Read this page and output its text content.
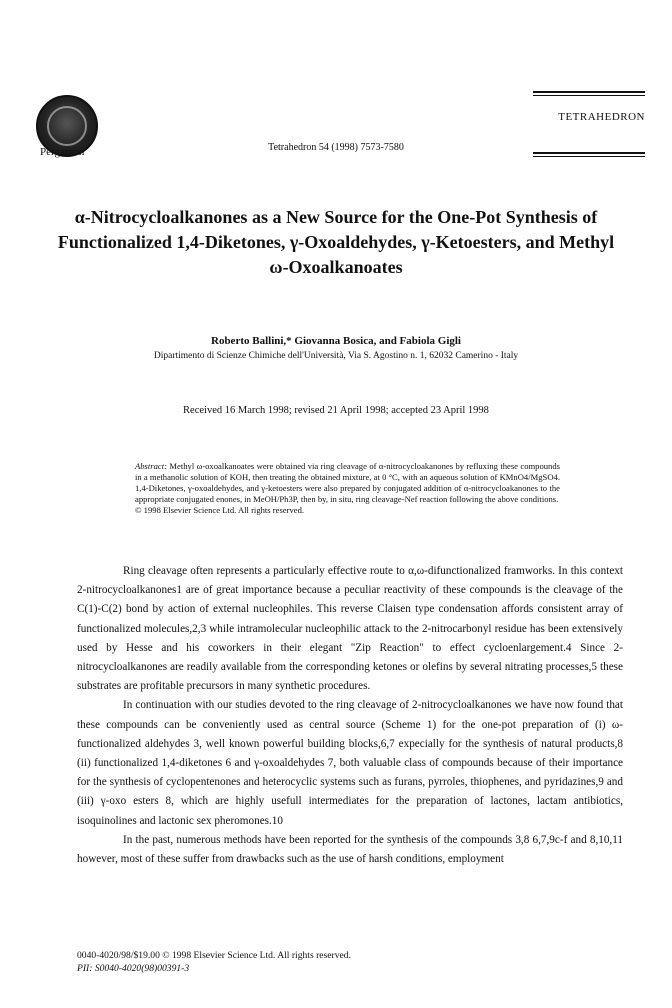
Pergamon	Tetrahedron 54 (1998) 7573-7580
TETRAHEDRON
α-Nitrocycloalkanones as a New Source for the One-Pot Synthesis of Functionalized 1,4-Diketones, γ-Oxoaldehydes, γ-Ketoesters, and Methyl ω-Oxoalkanoates
Roberto Ballini,* Giovanna Bosica, and Fabiola Gigli
Dipartimento di Scienze Chimiche dell'Università, Via S. Agostino n. 1, 62032 Camerino - Italy
Received 16 March 1998; revised 21 April 1998; accepted 23 April 1998
Abstract: Methyl ω-oxoalkanoates were obtained via ring cleavage of α-nitrocycloakanones by refluxing these compounds in a methanolic solution of KOH, then treating the obtained mixture, at 0 °C, with an aqueous solution of KMnO4/MgSO4. 1,4-Diketones, γ-oxoaldehydes, and γ-ketoesters were also prepared by conjugated addition of α-nitrocycloakanones to the appropriate conjugated enones, in MeOH/Ph3P, then by, in situ, ring cleavage-Nef reaction following the above conditions.
© 1998 Elsevier Science Ltd. All rights reserved.

Ring cleavage often represents a particularly effective route to α,ω-difunctionalized framworks. In this context 2-nitrocycloalkanones1 are of great importance because a peculiar reactivity of these compounds is the cleavage of the C(1)-C(2) bond by action of external nucleophiles. This reverse Claisen type condensation affords consistent array of functionalized molecules,2,3 while intramolecular nucleophilic attack to the 2-nitrocarbonyl residue has been extensively used by Hesse and his coworkers in their elegant "Zip Reaction" to effect cycloenlargement.4 Since 2-nitrocycloalkanones are readily available from the corresponding ketones or olefins by several nitrating processes,5 these substrates are profitable precursors in many synthetic procedures.

In continuation with our studies devoted to the ring cleavage of 2-nitrocycloalkanones we have now found that these compounds can be conveniently used as central source (Scheme 1) for the one-pot preparation of (i) ω-functionalized aldehydes 3, well known powerful building blocks,6,7 expecially for the synthesis of natural products,8 (ii) functionalized 1,4-diketones 6 and γ-oxoaldehydes 7, both valuable class of compounds because of their importance for the synthesis of cyclopentenones and heterocyclic systems such as furans, pyrroles, thiophenes, and pyridazines,9 and (iii) γ-oxo esters 8, which are highly usefull intermediates for the preparation of lactones, lactam antibiotics, isoquinolines and lactonic sex pheromones.10

In the past, numerous methods have been reported for the synthesis of the compounds 3,8 6,7,9c-f and 8,10,11 however, most of these suffer from drawbacks such as the use of harsh conditions, employment

0040-4020/98/$19.00 © 1998 Elsevier Science Ltd. All rights reserved.
PII: S0040-4020(98)00391-3
